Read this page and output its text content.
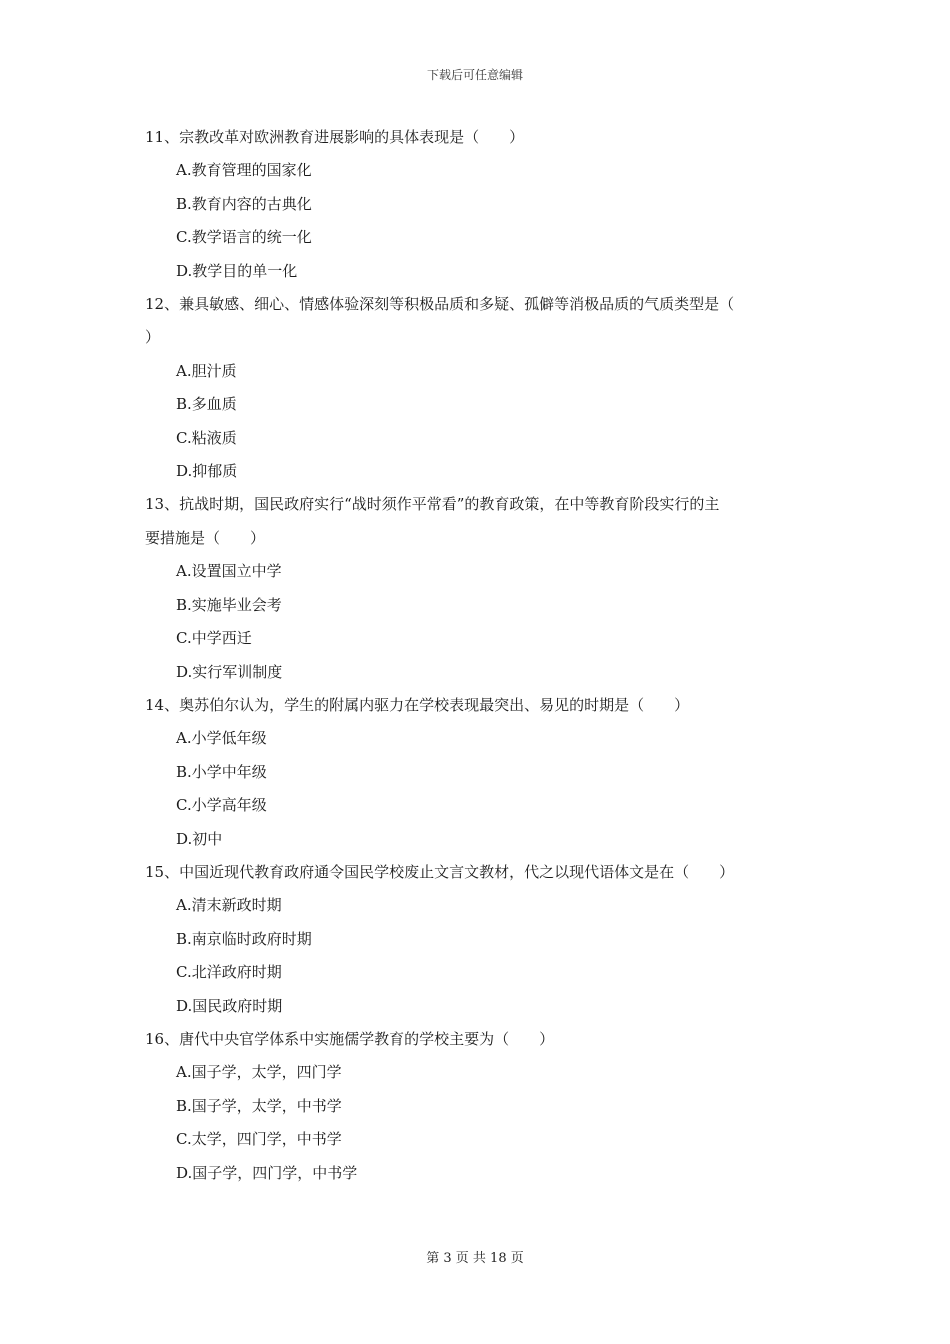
下载后可任意编辑

11、宗教改革对欧洲教育进展影响的具体表现是（　　）

A.教育管理的国家化

B.教育内容的古典化

C.教学语言的统一化

D.教学目的单一化

12、兼具敏感、细心、情感体验深刻等积极品质和多疑、孤僻等消极品质的气质类型是（
）

A.胆汁质

B.多血质

C.粘液质

D.抑郁质

13、抗战时期，国民政府实行“战时须作平常看”的教育政策，在中等教育阶段实行的主
要措施是（　　）

A.设置国立中学

B.实施毕业会考

C.中学西迁

D.实行军训制度

14、奥苏伯尔认为，学生的附属内驱力在学校表现最突出、易见的时期是（　　）

A.小学低年级

B.小学中年级

C.小学高年级

D.初中

15、中国近现代教育政府通令国民学校废止文言文教材，代之以现代语体文是在（　　）

A.清末新政时期

B.南京临时政府时期

C.北洋政府时期

D.国民政府时期

16、唐代中央官学体系中实施儒学教育的学校主要为（　　）

A.国子学，太学，四门学

B.国子学，太学，中书学

C.太学，四门学，中书学

D.国子学，四门学，中书学

第 3 页 共 18 页
